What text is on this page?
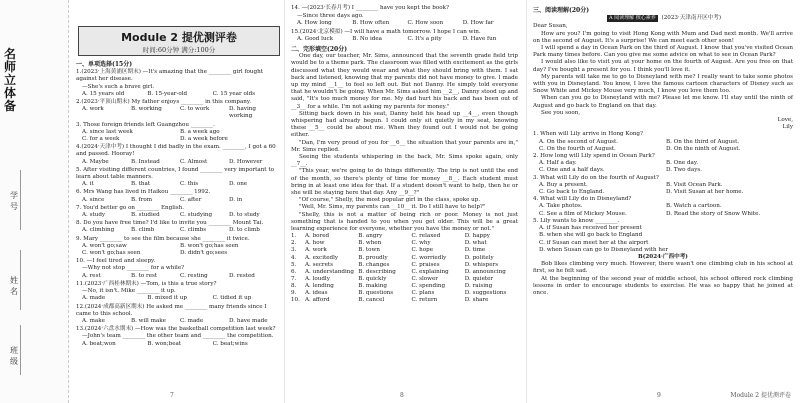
名
师
立
体
备
学号
姓名
班级
Module 2 提优测评卷
时间:60分钟 满分:100分
一、单项选择(15分)
1.(2023·上海黄浦区期末) —It's amazing that the ________ girl fought against her disease.
—She's such a brave girl.
A. 15 years old	B. 15-year-old	C. 15 year olds
2.(2023·平顶山期末) My father enjoys ________ in this company.
A. work	B. working	C. to work	D. having working
3. Those foreign friends left Guangzhou ________.
A. since last week	B. a week ago
C. for a week	D. a week before
4.(2024·天津中考) I thought I did badly in the exam. ________, I got a 60 and passed. Hooray!
A. Maybe	B. Instead	C. Almost	D. However
5. After visiting different countries, I found ________ very important to learn about table manners.
A. it	B. that	C. this	D. one
6. Mrs Wang has lived in Haikou ________ 1992.
A. since	B. from	C. after	D. in
7. You'd better go on ________ English.
A. study	B. studied	C. studying	D. to study
8. Do you have free time? I'd like to invite you ________ Mount Tai.
A. climbing	B. climb	C. climbs	D. to climb
9. Mary ________ to see the film because she ________ it twice.
A. won't go;saw	B. won't go;has seen
C. won't go;has seen	D. didn't go;sees
10. —I feel tired and sleepy.
—Why not stop ________ for a while?
A. rest	B. to rest	C. resting	D. rested
11.(2023·广西桂林期末) —Tom, is this a true story?
—No, it isn't. Mike ________ it up.
A. made	B. mixed it up	C. tidied it up
12.(2024·成都高新区期末) He asked me ________ many friends since I came to this school.
A. make	B. will make	C. made	D. have made
13.(2024·六盘水期末) —How was the basketball competition last week?
—John's team ________ the other team and ________ the competition.
A. beat;won	B. won;beat	C. beat;wins
7
14. —(2023·长春月考) I ________ have you kept the book?
—Since three days ago.
A. How long	B. How often	C. How soon	D. How far
15.(2024·北京模拟) —I will have a math tomorrow. I hope I can win.
A. Good luck	B. No idea	C. It's a pity	D. Have fun
二、完形填空(20分)
One day, our teacher, Mr. Sims, announced that the seventh grade field trip would be to a theme park. The classroom was filled with excitement as the girls discussed what they would wear and what they should bring with them. I sat back and listened, knowing that my parents did not have money to give. I made up my mind __1__ to feel so left out. But not Danny. He simply told everyone that he wouldn't be going. When Mr. Sims asked him __2__, Danny stood up and said, "It's too much money for me. My dad hurt his back and has been out of __3__ for a while. I'm not asking my parents for money."
Sitting back down in his seat, Danny held his head up __4__, even though whispering had already begun. I could only sit quietly in my seat, knowing these __5__ could be about me. When they found out I would not be going either.
"Dan, I'm very proud of you for __6__ the situation that your parents are in," Mr. Sims replied.
Seeing the students whispering in the back, Mr. Sims spoke again, only __7__.
"This year, we're going to do things differently. The trip is not until the end of the month, so there's plenty of time for money __8__. Each student must bring in at least one idea for that. If a student doesn't want to help, then he or she will be staying here that day. Any __9__?"
"Of course," Shelly, the most popular girl in the class, spoke up.
"Well, Mr. Sims, my parents can __10__ it. Do I still have to help?"
"Shelly, this is not a matter of being rich or poor. Money is not just something that is handed to you when you get older. This will be a great learning experience for everyone, whether you have the money or not."
1.	A. bored	B. angry	C. relaxed	D. happy
2.	A. how	B. when	C. why	D. what
3.	A. work	B. town	C. hope	D. time
4.	A. excitedly	B. proudly	C. worriedly	D. politely
5.	A. secrets	B. changes	C. praises	D. whispers
6.	A. understanding B. describing	C. explaining	D. announcing
7.	A. loudly	B. quickly	C. slower	D. quieter
8.	A. lending	B. making	C. spending	D. raising
9.	A. ideas	B. questions	C. plans	D. suggestions
10. A. afford	B. cancel	C. return	D. share
8
三、阅读理解(20分)
A 阅读理解 核心素养 (2023·天津南开区中考)
Dear Susan,
How are you? I'm going to visit Hong Kong with Mum and Dad next month. We'll arrive on the second of August. It's a surprise! We can meet each other soon!
I will spend a day in Ocean Park on the third of August. I know that you've visited Ocean Park many times before. Can you give me some advice on what to see in Ocean Park?
I would also like to visit you at your home on the fourth of August. Are you free on that day? I've bought a present for you. I think you'll love it.
My parents will take me to go to Disneyland with me? I really want to take some photos with you in Disneyland. You know, I love the famous cartoon characters of Disney such as Snow White and Mickey Mouse very much, I know you love them too.
When can you go to Disneyland with me? Please let me know. I'll stay until the ninth of August and go back to England on that day.
See you soon,
Love,
Lily
1. When will Lily arrive in Hong Kong?
A. On the second of August.	B. On the third of August.
C. On the fourth of August.	D. On the ninth of August.
2. How long will Lily spend in Ocean Park?
A. Half a day.	B. One day.
C. One and a half days.	D. Two days.
3. What will Lily do on the fourth of August?
A. Buy a present.	B. Visit Ocean Park.
C. Go back to England.	D. Visit Susan at her home.
4. What will Lily do in Disneyland?
A. Take photos.	B. Watch a cartoon.
C. See a film of Mickey Mouse.	D. Read the story of Snow White.
5. Lily wants to know ________.
A. if Susan has received her present
B. when she will go back to England
C. if Susan can meet her at the airport
D. when Susan can go to Disneyland with her
B(2024·广西中考)
Bob likes climbing very much. However, there wasn't one climbing club in his school at first, so he felt sad.
At the beginning of the second year of middle school, his school offered rock climbing lessons in order to encourage students to exercise. He was so happy that he joined at once.
9	Module 2 提优测评卷
